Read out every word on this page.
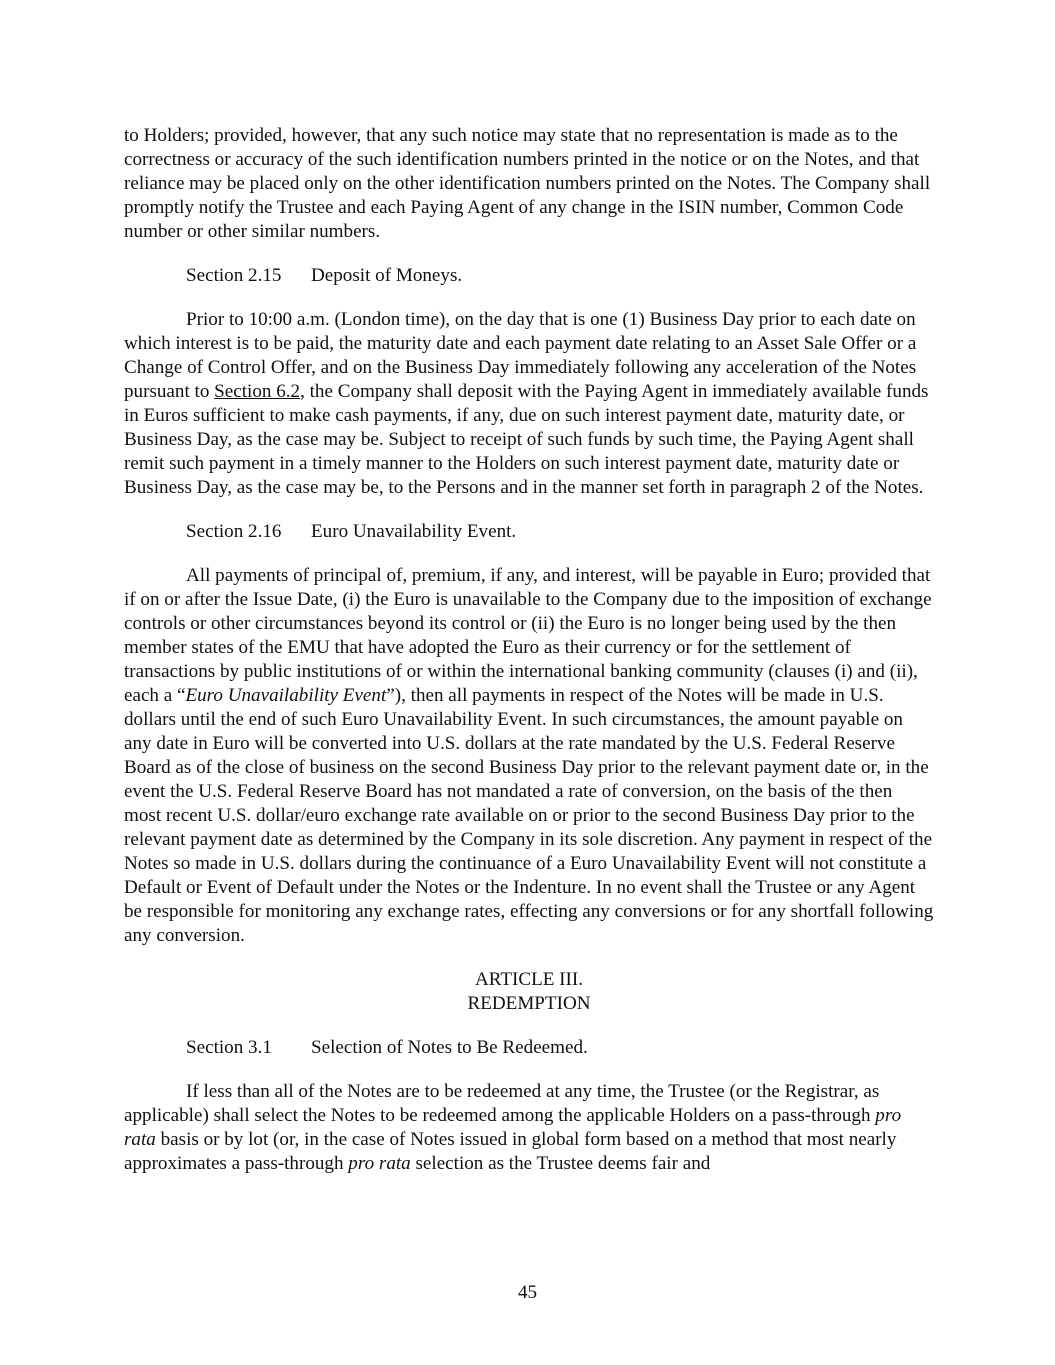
to Holders; provided, however, that any such notice may state that no representation is made as to the correctness or accuracy of the such identification numbers printed in the notice or on the Notes, and that reliance may be placed only on the other identification numbers printed on the Notes. The Company shall promptly notify the Trustee and each Paying Agent of any change in the ISIN number, Common Code number or other similar numbers.

Section 2.15 Deposit of Moneys.

Prior to 10:00 a.m. (London time), on the day that is one (1) Business Day prior to each date on which interest is to be paid, the maturity date and each payment date relating to an Asset Sale Offer or a Change of Control Offer, and on the Business Day immediately following any acceleration of the Notes pursuant to Section 6.2, the Company shall deposit with the Paying Agent in immediately available funds in Euros sufficient to make cash payments, if any, due on such interest payment date, maturity date, or Business Day, as the case may be. Subject to receipt of such funds by such time, the Paying Agent shall remit such payment in a timely manner to the Holders on such interest payment date, maturity date or Business Day, as the case may be, to the Persons and in the manner set forth in paragraph 2 of the Notes.

Section 2.16 Euro Unavailability Event.

All payments of principal of, premium, if any, and interest, will be payable in Euro; provided that if on or after the Issue Date, (i) the Euro is unavailable to the Company due to the imposition of exchange controls or other circumstances beyond its control or (ii) the Euro is no longer being used by the then member states of the EMU that have adopted the Euro as their currency or for the settlement of transactions by public institutions of or within the international banking community (clauses (i) and (ii), each a “Euro Unavailability Event”), then all payments in respect of the Notes will be made in U.S. dollars until the end of such Euro Unavailability Event. In such circumstances, the amount payable on any date in Euro will be converted into U.S. dollars at the rate mandated by the U.S. Federal Reserve Board as of the close of business on the second Business Day prior to the relevant payment date or, in the event the U.S. Federal Reserve Board has not mandated a rate of conversion, on the basis of the then most recent U.S. dollar/euro exchange rate available on or prior to the second Business Day prior to the relevant payment date as determined by the Company in its sole discretion. Any payment in respect of the Notes so made in U.S. dollars during the continuance of a Euro Unavailability Event will not constitute a Default or Event of Default under the Notes or the Indenture. In no event shall the Trustee or any Agent be responsible for monitoring any exchange rates, effecting any conversions or for any shortfall following any conversion.

ARTICLE III.
REDEMPTION
Section 3.1 Selection of Notes to Be Redeemed.

If less than all of the Notes are to be redeemed at any time, the Trustee (or the Registrar, as applicable) shall select the Notes to be redeemed among the applicable Holders on a pass-through pro rata basis or by lot (or, in the case of Notes issued in global form based on a method that most nearly approximates a pass-through pro rata selection as the Trustee deems fair and

45
